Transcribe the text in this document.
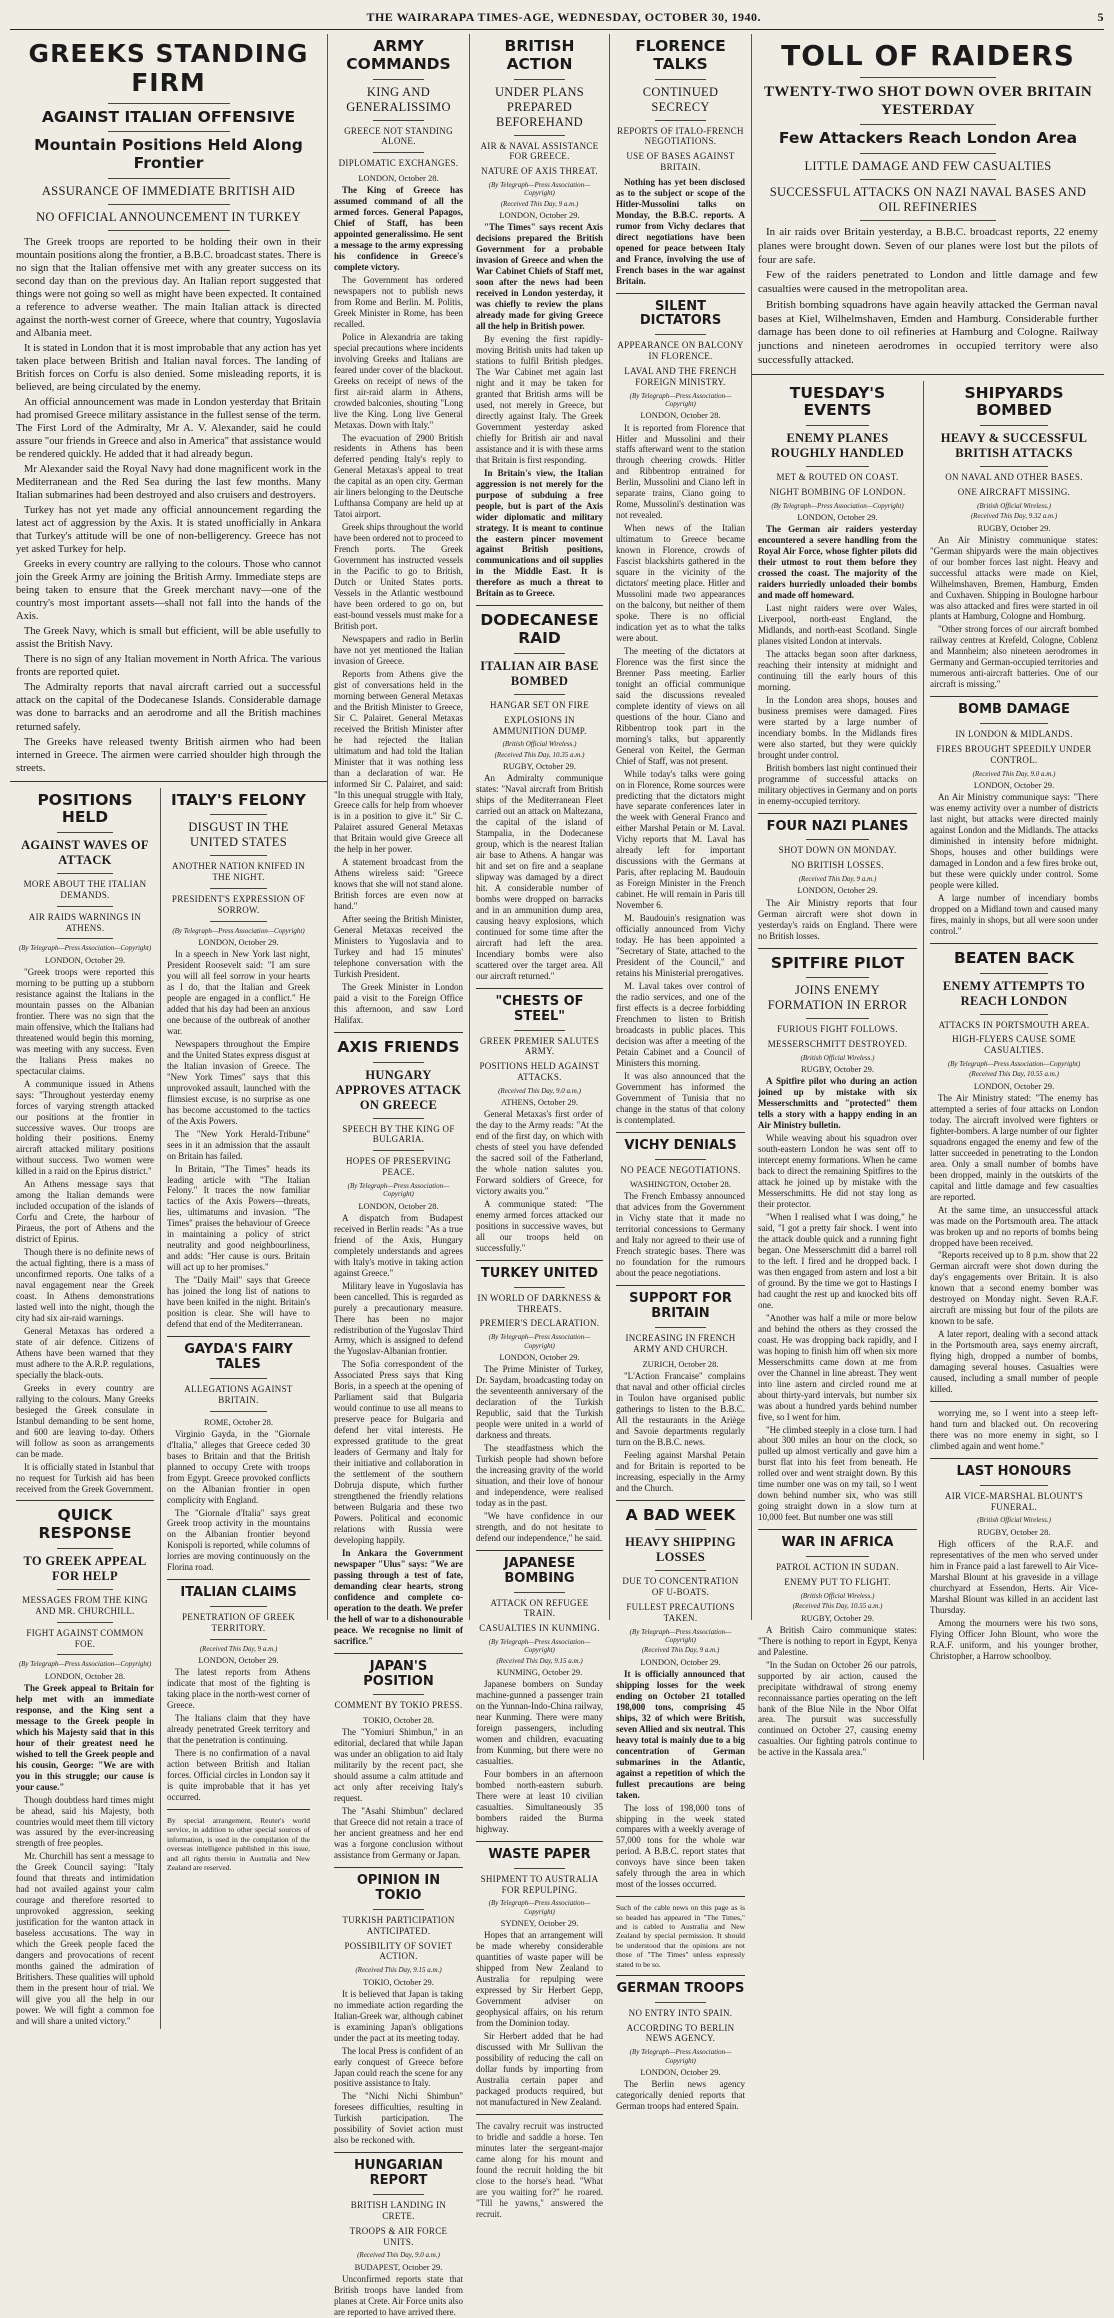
THE WAIRARAPA TIMES-AGE, WEDNESDAY, OCTOBER 30, 1940.	5
GREEKS STANDING FIRM
AGAINST ITALIAN OFFENSIVE
Mountain Positions Held Along Frontier
ASSURANCE OF IMMEDIATE BRITISH AID
NO OFFICIAL ANNOUNCEMENT IN TURKEY

The Greek troops are reported to be holding their own in their mountain positions along the frontier, a B.B.C. broadcast states. There is no sign that the Italian offensive met with any greater success on its second day than on the previous day. An Italian report suggested that things were not going so well as might have been expected. It contained a reference to adverse weather. The main Italian attack is directed against the north-west corner of Greece, where that country, Yugoslavia and Albania meet.

It is stated in London that it is most improbable that any action has yet taken place between British and Italian naval forces. The landing of British forces on Corfu is also denied. Some misleading reports, it is believed, are being circulated by the enemy.

An official announcement was made in London yesterday that Britain had promised Greece military assistance in the fullest sense of the term. The First Lord of the Admiralty, Mr A. V. Alexander, said he could assure "our friends in Greece and also in America" that assistance would be rendered quickly. He added that it had already begun.

Mr Alexander said the Royal Navy had done magnificent work in the Mediterranean and the Red Sea during the last few months. Many Italian submarines had been destroyed and also cruisers and destroyers.

Turkey has not yet made any official announcement regarding the latest act of aggression by the Axis. It is stated unofficially in Ankara that Turkey's attitude will be one of non-belligerency. Greece has not yet asked Turkey for help.

Greeks in every country are rallying to the colours. Those who cannot join the Greek Army are joining the British Army. Immediate steps are being taken to ensure that the Greek merchant navy—one of the country's most important assets—shall not fall into the hands of the Axis.

The Greek Navy, which is small but efficient, will be able usefully to assist the British Navy.

There is no sign of any Italian movement in North Africa. The various fronts are reported quiet.

The Admiralty reports that naval aircraft carried out a successful attack on the capital of the Dodecanese Islands. Considerable damage was done to barracks and an aerodrome and all the British machines returned safely.

The Greeks have released twenty British airmen who had been interned in Greece. The airmen were carried shoulder high through the streets.

POSITIONS HELD
AGAINST WAVES OF ATTACK
MORE ABOUT THE ITALIAN DEMANDS.
AIR RAIDS WARNINGS IN ATHENS.
(By Telegraph—Press Association—Copyright)
LONDON, October 29.

"Greek troops were reported this morning to be putting up a stubborn resistance against the Italians in the mountain passes on the Albanian frontier. There was no sign that the main offensive, which the Italians had threatened would begin this morning, was meeting with any success. Even the Italians Press makes no spectacular claims.

A communique issued in Athens says: "Throughout yesterday enemy forces of varying strength attacked our positions at the frontier in successive waves. Our troops are holding their positions. Enemy aircraft attacked military positions without success. Two women were killed in a raid on the Epirus district."

An Athens message says that among the Italian demands were included occupation of the islands of Corfu and Crete, the harbour of Piraeus, the port of Athens and the district of Epirus.

Though there is no definite news of the actual fighting, there is a mass of unconfirmed reports. One talks of a naval engagement near the Greek coast. In Athens demonstrations lasted well into the night, though the city had six air-raid warnings.

General Metaxas has ordered a state of air defence. Citizens of Athens have been warned that they must adhere to the A.R.P. regulations, specially the black-outs.

Greeks in every country are rallying to the colours. Many Greeks besieged the Greek consulate in Istanbul demanding to be sent home, and 600 are leaving to-day. Others will follow as soon as arrangements can be made.

It is officially stated in Istanbul that no request for Turkish aid has been received from the Greek Government.

QUICK RESPONSE
TO GREEK APPEAL FOR HELP
MESSAGES FROM THE KING AND MR. CHURCHILL.
FIGHT AGAINST COMMON FOE.
(By Telegraph—Press Association—Copyright)
LONDON, October 28.

The Greek appeal to Britain for help met with an immediate response, and the King sent a message to the Greek people in which his Majesty said that in this hour of their greatest need he wished to tell the Greek people and his cousin, George: "We are with you in this struggle; our cause is your cause."

Though doubtless hard times might be ahead, said his Majesty, both countries would meet them till victory was assured by the ever-increasing strength of free peoples.

Mr. Churchill has sent a message to the Greek Council saying: "Italy found that threats and intimidation had not availed against your calm courage and therefore resorted to unprovoked aggression, seeking justification for the wanton attack in baseless accusations. The way in which the Greek people faced the dangers and provocations of recent months gained the admiration of Britishers. These qualities will uphold them in the present hour of trial. We will give you all the help in our power. We will fight a common foe and will share a united victory."

ITALY'S FELONY
DISGUST IN THE UNITED STATES
ANOTHER NATION KNIFED IN THE NIGHT.
PRESIDENT'S EXPRESSION OF SORROW.
(By Telegraph—Press Association—Copyright)
LONDON, October 29.

In a speech in New York last night, President Roosevelt said: "I am sure you will all feel sorrow in your hearts as I do, that the Italian and Greek people are engaged in a conflict." He added that his day had been an anxious one because of the outbreak of another war.

Newspapers throughout the Empire and the United States express disgust at the Italian invasion of Greece. The "New York Times" says that this unprovoked assault, launched with the flimsiest excuse, is no surprise as one has become accustomed to the tactics of the Axis Powers.

The "New York Herald-Tribune" sees in it an admission that the assault on Britain has failed.

In Britain, "The Times" heads its leading article with "The Italian Felony." It traces the now familiar tactics of the Axis Powers—threats, lies, ultimatums and invasion. "The Times" praises the behaviour of Greece in maintaining a policy of strict neutrality and good neighbourliness, and adds: "Her cause is ours. Britain will act up to her promises."

The "Daily Mail" says that Greece has joined the long list of nations to have been knifed in the night. Britain's position is clear. She will have to defend that end of the Mediterranean.

GAYDA'S FAIRY TALES
ALLEGATIONS AGAINST BRITAIN.
ROME, October 28.

Virginio Gayda, in the "Giornale d'Italia," alleges that Greece ceded 30 bases to Britain and that the British planned to occupy Crete with troops from Egypt. Greece provoked conflicts on the Albanian frontier in open complicity with England.

The "Giornale d'Italia" says great Greek troop activity in the mountains on the Albanian frontier beyond Konispoli is reported, while columns of lorries are moving continuously on the Florina road.

ITALIAN CLAIMS
PENETRATION OF GREEK TERRITORY.
(Received This Day, 9 a.m.)
LONDON, October 29.

The latest reports from Athens indicate that most of the fighting is taking place in the north-west corner of Greece.

The Italians claim that they have already penetrated Greek territory and that the penetration is continuing.

There is no confirmation of a naval action between British and Italian forces. Official circles in London say it is quite improbable that it has yet occurred.

By special arrangement, Reuter's world service, in addition to other special sources of information, is used in the compilation of the overseas intelligence published in this issue, and all rights therein in Australia and New Zealand are reserved.

ARMY COMMANDS
KING AND GENERALISSIMO
GREECE NOT STANDING ALONE.
DIPLOMATIC EXCHANGES.
LONDON, October 28.

The King of Greece has assumed command of all the armed forces. General Papagos, Chief of Staff, has been appointed generalissimo. He sent a message to the army expressing his confidence in Greece's complete victory.

The Government has ordered newspapers not to publish news from Rome and Berlin. M. Politis, Greek Minister in Rome, has been recalled.

Police in Alexandria are taking special precautions where incidents involving Greeks and Italians are feared under cover of the blackout. Greeks on receipt of news of the first air-raid alarm in Athens, crowded balconies, shouting "Long live the King. Long live General Metaxas. Down with Italy."

The evacuation of 2900 British residents in Athens has been deferred pending Italy's reply to General Metaxas's appeal to treat the capital as an open city. German air liners belonging to the Deutsche Lufthansa Company are held up at Tatoi airport.

Greek ships throughout the world have been ordered not to proceed to French ports. The Greek Government has instructed vessels in the Pacific to go to British, Dutch or United States ports. Vessels in the Atlantic westbound have been ordered to go on, but east-bound vessels must make for a British port.

Newspapers and radio in Berlin have not yet mentioned the Italian invasion of Greece.

Reports from Athens give the gist of conversations held in the morning between General Metaxas and the British Minister to Greece, Sir C. Palairet. General Metaxas received the British Minister after he had rejected the Italian ultimatum and had told the Italian Minister that it was nothing less than a declaration of war. He informed Sir C. Palairet, and said: "In this unequal struggle with Italy, Greece calls for help from whoever is in a position to give it." Sir C. Palairet assured General Metaxas that Britain would give Greece all the help in her power.

A statement broadcast from the Athens wireless said: "Greece knows that she will not stand alone. British forces are even now at hand."

After seeing the British Minister, General Metaxas received the Ministers to Yugoslavia and to Turkey and had 15 minutes' telephone conversation with the Turkish President.

The Greek Minister in London paid a visit to the Foreign Office this afternoon, and saw Lord Halifax.

AXIS FRIENDS
HUNGARY APPROVES ATTACK ON GREECE
SPEECH BY THE KING OF BULGARIA.
HOPES OF PRESERVING PEACE.
(By Telegraph—Press Association—Copyright)
LONDON, October 28.

A dispatch from Budapest received in Berlin reads: "As a true friend of the Axis, Hungary completely understands and agrees with Italy's motive in taking action against Greece."

Military leave in Yugoslavia has been cancelled. This is regarded as purely a precautionary measure. There has been no major redistribution of the Yugoslav Third Army, which is assigned to defend the Yugoslav-Albanian frontier.

The Sofia correspondent of the Associated Press says that King Boris, in a speech at the opening of Parliament said that Bulgaria would continue to use all means to preserve peace for Bulgaria and defend her vital interests. He expressed gratitude to the great leaders of Germany and Italy for their initiative and collaboration in the settlement of the southern Dobruja dispute, which further strengthened the friendly relations between Bulgaria and these two Powers. Political and economic relations with Russia were developing happily.

In Ankara the Government newspaper "Ulus" says: "We are passing through a test of fate, demanding clear hearts, strong confidence and complete co-operation to the death. We prefer the hell of war to a dishonourable peace. We recognise no limit of sacrifice."

JAPAN'S POSITION
COMMENT BY TOKIO PRESS.
TOKIO, October 28.

The "Yomiuri Shimbun," in an editorial, declared that while Japan was under an obligation to aid Italy militarily by the recent pact, she should assume a calm attitude and act only after receiving Italy's request.

The "Asahi Shimbun" declared that Greece did not retain a trace of her ancient greatness and her end was a forgone conclusion without assistance from Germany or Japan.

OPINION IN TOKIO
TURKISH PARTICIPATION ANTICIPATED.
POSSIBILITY OF SOVIET ACTION.
(Received This Day, 9.15 a.m.)
TOKIO, October 29.

It is believed that Japan is taking no immediate action regarding the Italian-Greek war, although cabinet is examining Japan's obligations under the pact at its meeting today.

The local Press is confident of an early conquest of Greece before Japan could reach the scene for any positive assistance to Italy.

The "Nichi Nichi Shimbun" foresees difficulties, resulting in Turkish participation. The possibility of Soviet action must also be reckoned with.

HUNGARIAN REPORT
BRITISH LANDING IN CRETE.
TROOPS & AIR FORCE UNITS.
(Received This Day, 9.0 a.m.)
BUDAPEST, October 29.

Unconfirmed reports state that British troops have landed from planes at Crete. Air Force units also are reported to have arrived there.

BRITISH ACTION
UNDER PLANS PREPARED BEFOREHAND
AIR & NAVAL ASSISTANCE FOR GREECE.
NATURE OF AXIS THREAT.
(By Telegraph—Press Association—Copyright)
(Received This Day, 9 a.m.)
LONDON, October 29.

"The Times" says recent Axis decisions prepared the British Government for a probable invasion of Greece and when the War Cabinet Chiefs of Staff met, soon after the news had been received in London yesterday, it was chiefly to review the plans already made for giving Greece all the help in British power.

By evening the first rapidly-moving British units had taken up stations to fulfil British pledges. The War Cabinet met again last night and it may be taken for granted that British arms will be used, not merely in Greece, but directly against Italy. The Greek Government yesterday asked chiefly for British air and naval assistance and it is with these arms that Britain is first responding.

In Britain's view, the Italian aggression is not merely for the purpose of subduing a free people, but is part of the Axis wider diplomatic and military strategy. It is meant to continue the eastern pincer movement against British positions, communications and oil supplies in the Middle East. It is therefore as much a threat to Britain as to Greece.

DODECANESE RAID
ITALIAN AIR BASE BOMBED
HANGAR SET ON FIRE
EXPLOSIONS IN AMMUNITION DUMP.
(British Official Wireless.)
(Received This Day, 10.35 a.m.)
RUGBY, October 29.

An Admiralty communique states: "Naval aircraft from British ships of the Mediterranean Fleet carried out an attack on Maltezana, the capital of the island of Stampalia, in the Dodecanese group, which is the nearest Italian air base to Athens. A hangar was hit and set on fire and a seaplane slipway was damaged by a direct hit. A considerable number of bombs were dropped on barracks and in an ammunition dump area, causing heavy explosions, which continued for some time after the aircraft had left the area. Incendiary bombs were also scattered over the target area. All our aircraft returned."

"CHESTS OF STEEL"
GREEK PREMIER SALUTES ARMY.
POSITIONS HELD AGAINST ATTACKS.
(Received This Day, 9.0 a.m.)
ATHENS, October 29.

General Metaxas's first order of the day to the Army reads: "At the end of the first day, on which with chests of steel you have defended the sacred soil of the Fatherland, the whole nation salutes you. Forward soldiers of Greece, for victory awaits you."

A communique stated: "The enemy armed forces attacked our positions in successive waves, but all our troops held on successfully."

TURKEY UNITED
IN WORLD OF DARKNESS & THREATS.
PREMIER'S DECLARATION.
(By Telegraph—Press Association—Copyright)
LONDON, October 29.

The Prime Minister of Turkey, Dr. Saydam, broadcasting today on the seventeenth anniversary of the declaration of the Turkish Republic, said that the Turkish people were united in a world of darkness and threats.

The steadfastness which the Turkish people had shown before the increasing gravity of the world situation, and their love of honour and independence, were realised today as in the past.

"We have confidence in our strength, and do not hesitate to defend our independence," he said.

JAPANESE BOMBING
ATTACK ON REFUGEE TRAIN.
CASUALTIES IN KUNMING.
(By Telegraph—Press Association—Copyright)
(Received This Day, 9.15 a.m.)
KUNMING, October 29.

Japanese bombers on Sunday machine-gunned a passenger train on the Yunnan-Indo-China railway, near Kunming. There were many foreign passengers, including women and children, evacuating from Kunming, but there were no casualties.

Four bombers in an afternoon bombed north-eastern suburb. There were at least 10 civilian casualties. Simultaneously 35 bombers raided the Burma highway.

WASTE PAPER
SHIPMENT TO AUSTRALIA FOR REPULPING.
(By Telegraph—Press Association—Copyright)
SYDNEY, October 29.

Hopes that an arrangement will be made whereby considerable quantities of waste paper will be shipped from New Zealand to Australia for repulping were expressed by Sir Herbert Gepp, Government adviser on geophysical affairs, on his return from the Dominion today.

Sir Herbert added that he had discussed with Mr Sullivan the possibility of reducing the call on dollar funds by importing from Australia certain paper and packaged products required, but not manufactured in New Zealand.

The cavalry recruit was instructed to bridle and saddle a horse. Ten minutes later the sergeant-major came along for his mount and found the recruit holding the bit close to the horse's head. "What are you waiting for?" he roared. "Till he yawns," answered the recruit.

FLORENCE TALKS
CONTINUED SECRECY
REPORTS OF ITALO-FRENCH NEGOTIATIONS.
USE OF BASES AGAINST BRITAIN.

Nothing has yet been disclosed as to the subject or scope of the Hitler-Mussolini talks on Monday, the B.B.C. reports. A rumor from Vichy declares that direct negotiations have been opened for peace between Italy and France, involving the use of French bases in the war against Britain.

SILENT DICTATORS
APPEARANCE ON BALCONY IN FLORENCE.
LAVAL AND THE FRENCH FOREIGN MINISTRY.
(By Telegraph—Press Association—Copyright)
LONDON, October 28.

It is reported from Florence that Hitler and Mussolini and their staffs afterward went to the station through cheering crowds. Hitler and Ribbentrop entrained for Berlin, Mussolini and Ciano left in separate trains, Ciano going to Rome, Mussolini's destination was not revealed.

When news of the Italian ultimatum to Greece became known in Florence, crowds of Fascist blackshirts gathered in the square in the vicinity of the dictators' meeting place. Hitler and Mussolini made two appearances on the balcony, but neither of them spoke. There is no official indication yet as to what the talks were about.

The meeting of the dictators at Florence was the first since the Brenner Pass meeting. Earlier tonight an official communique said the discussions revealed complete identity of views on all questions of the hour. Ciano and Ribbentrop took part in the morning's talks, but apparently General von Keitel, the German Chief of Staff, was not present.

While today's talks were going on in Florence, Rome sources were predicting that the dictators might have separate conferences later in the week with General Franco and either Marshal Petain or M. Laval. Vichy reports that M. Laval has already left for important discussions with the Germans at Paris, after replacing M. Baudouin as Foreign Minister in the French cabinet. He will remain in Paris till November 6.

M. Baudouin's resignation was officially announced from Vichy today. He has been appointed a "Secretary of State, attached to the President of the Council," and retains his Ministerial prerogatives.

M. Laval takes over control of the radio services, and one of the first effects is a decree forbidding Frenchmen to listen to British broadcasts in public places. This decision was after a meeting of the Petain Cabinet and a Council of Ministers this morning.

It was also announced that the Government has informed the Government of Tunisia that no change in the status of that colony is contemplated.

VICHY DENIALS
NO PEACE NEGOTIATIONS.
WASHINGTON, October 28.

The French Embassy announced that advices from the Government in Vichy state that it made no territorial concessions to Germany and Italy nor agreed to their use of French strategic bases. There was no foundation for the rumours about the peace negotiations.

SUPPORT FOR BRITAIN
INCREASING IN FRENCH ARMY AND CHURCH.
ZURICH, October 28.

"L'Action Francaise" complains that naval and other official circles in Toulon have organised public gatherings to listen to the B.B.C. All the restaurants in the Ariège and Savoie departments regularly turn on the B.B.C. news.

Feeling against Marshal Petain and for Britain is reported to be increasing, especially in the Army and the Church.

A BAD WEEK
HEAVY SHIPPING LOSSES
DUE TO CONCENTRATION OF U-BOATS.
FULLEST PRECAUTIONS TAKEN.
(By Telegraph—Press Association—Copyright)
(Received This Day, 9 a.m.)
LONDON, October 29.

It is officially announced that shipping losses for the week ending on October 21 totalled 198,000 tons, comprising 45 ships, 32 of which were British, seven Allied and six neutral. This heavy total is mainly due to a big concentration of German submarines in the Atlantic, against a repetition of which the fullest precautions are being taken.

The loss of 198,000 tons of shipping in the week stated compares with a weekly average of 57,000 tons for the whole war period. A B.B.C. report states that convoys have since been taken safely through the area in which most of the losses occurred.

Such of the cable news on this page as is so headed has appeared in "The Times," and is cabled to Australia and New Zealand by special permission. It should be understood that the opinions are not those of "The Times" unless expressly stated to be so.

GERMAN TROOPS
NO ENTRY INTO SPAIN.
ACCORDING TO BERLIN NEWS AGENCY.
(By Telegraph—Press Association—Copyright)
LONDON, October 29.

The Berlin news agency categorically denied reports that German troops had entered Spain.

TOLL OF RAIDERS
TWENTY-TWO SHOT DOWN OVER BRITAIN YESTERDAY
Few Attackers Reach London Area
LITTLE DAMAGE AND FEW CASUALTIES
SUCCESSFUL ATTACKS ON NAZI NAVAL BASES AND OIL REFINERIES

In air raids over Britain yesterday, a B.B.C. broadcast reports, 22 enemy planes were brought down. Seven of our planes were lost but the pilots of four are safe.

Few of the raiders penetrated to London and little damage and few casualties were caused in the metropolitan area.

British bombing squadrons have again heavily attacked the German naval bases at Kiel, Wilhelmshaven, Emden and Hamburg. Considerable further damage has been done to oil refineries at Hamburg and Cologne. Railway junctions and nineteen aerodromes in occupied territory were also successfully attacked.

TUESDAY'S EVENTS
ENEMY PLANES ROUGHLY HANDLED
MET & ROUTED ON COAST.
NIGHT BOMBING OF LONDON.
(By Telegraph—Press Association—Copyright)
LONDON, October 29.

The German air raiders yesterday encountered a severe handling from the Royal Air Force, whose fighter pilots did their utmost to rout them before they crossed the coast. The majority of the raiders hurriedly unloaded their bombs and made off homeward.

Last night raiders were over Wales, Liverpool, north-east England, the Midlands, and north-east Scotland. Single planes visited London at intervals.

The attacks began soon after darkness, reaching their intensity at midnight and continuing till the early hours of this morning.

In the London area shops, houses and business premises were damaged. Fires were started by a large number of incendiary bombs. In the Midlands fires were also started, but they were quickly brought under control.

British bombers last night continued their programme of successful attacks on military objectives in Germany and on ports in enemy-occupied territory.

FOUR NAZI PLANES
SHOT DOWN ON MONDAY.
NO BRITISH LOSSES.
(Received This Day, 9 a.m.)
LONDON, October 29.

The Air Ministry reports that four German aircraft were shot down in yesterday's raids on England. There were no British losses.

SPITFIRE PILOT
JOINS ENEMY FORMATION IN ERROR
FURIOUS FIGHT FOLLOWS.
MESSERSCHMITT DESTROYED.
(British Official Wireless.)
RUGBY, October 29.

A Spitfire pilot who during an action joined up by mistake with six Messerschmitts and "protected" them tells a story with a happy ending in an Air Ministry bulletin.

While weaving about his squadron over south-eastern London he was sent off to intercept enemy formations. When he came back to direct the remaining Spitfires to the attack he joined up by mistake with the Messerschmitts. He did not stay long as their protector.

"When I realised what I was doing," he said, "I got a pretty fair shock. I went into the attack double quick and a running fight began. One Messerschmitt did a barrel roll to the left. I fired and he dropped back. I was then engaged from astern and lost a bit of ground. By the time we got to Hastings I had caught the rest up and knocked bits off one.

"Another was half a mile or more below and behind the others as they crossed the coast. He was dropping back rapidly, and I was hoping to finish him off when six more Messerschmitts came down at me from over the Channel in line abreast. They went into line astern and circled round me at about thirty-yard intervals, but number six was about a hundred yards behind number five, so I went for him.

"He climbed steeply in a close turn. I had about 300 miles an hour on the clock, so pulled up almost vertically and gave him a burst flat into his feet from beneath. He rolled over and went straight down. By this time number one was on my tail, so I went down behind number six, who was still going straight down in a slow turn at 10,000 feet. But number one was still

WAR IN AFRICA
PATROL ACTION IN SUDAN.
ENEMY PUT TO FLIGHT.
(British Official Wireless.)
(Received This Day, 10.55 a.m.)
RUGBY, October 29.

A British Cairo communique states: "There is nothing to report in Egypt, Kenya and Palestine.

"In the Sudan on October 26 our patrols, supported by air action, caused the precipitate withdrawal of strong enemy reconnaissance parties operating on the left bank of the Blue Nile in the Nbor Olfat area. The pursuit was successfully continued on October 27, causing enemy casualties. Our fighting patrols continue to be active in the Kassala area."

SHIPYARDS BOMBED
HEAVY & SUCCESSFUL BRITISH ATTACKS
ON NAVAL AND OTHER BASES.
ONE AIRCRAFT MISSING.
(British Official Wireless.)
(Received This Day, 9.32 a.m.)
RUGBY, October 29.

An Air Ministry communique states: "German shipyards were the main objectives of our bomber forces last night. Heavy and successful attacks were made on Kiel, Wilhelmshaven, Bremen, Hamburg, Emden and Cuxhaven. Shipping in Boulogne harbour was also attacked and fires were started in oil plants at Hamburg, Cologne and Homburg.

"Other strong forces of our aircraft bombed railway centres at Krefeld, Cologne, Coblenz and Mannheim; also nineteen aerodromes in Germany and German-occupied territories and numerous anti-aircraft batteries. One of our aircraft is missing."

BOMB DAMAGE
IN LONDON & MIDLANDS.
FIRES BROUGHT SPEEDILY UNDER CONTROL.
(Received This Day, 9.0 a.m.)
LONDON, October 29.

An Air Ministry communique says: "There was enemy activity over a number of districts last night, but attacks were directed mainly against London and the Midlands. The attacks diminished in intensity before midnight. Shops, houses and other buildings were damaged in London and a few fires broke out, but these were quickly under control. Some people were killed.

A large number of incendiary bombs dropped on a Midland town and caused many fires, mainly in shops, but all were soon under control."

BEATEN BACK
ENEMY ATTEMPTS TO REACH LONDON
ATTACKS IN PORTSMOUTH AREA.
HIGH-FLYERS CAUSE SOME CASUALTIES.
(By Telegraph—Press Association—Copyright)
(Received This Day, 10.55 a.m.)
LONDON, October 29.

The Air Ministry stated: "The enemy has attempted a series of four attacks on London today. The aircraft involved were fighters or fighter-bombers. A large number of our fighter squadrons engaged the enemy and few of the latter succeeded in penetrating to the London area. Only a small number of bombs have been dropped, mainly in the outskirts of the capital and little damage and few casualties are reported.

At the same time, an unsuccessful attack was made on the Portsmouth area. The attack was broken up and no reports of bombs being dropped have been received.

"Reports received up to 8 p.m. show that 22 German aircraft were shot down during the day's engagements over Britain. It is also known that a second enemy bomber was destroyed on Monday night. Seven R.A.F. aircraft are missing but four of the pilots are known to be safe.

A later report, dealing with a second attack in the Portsmouth area, says enemy aircraft, flying high, dropped a number of bombs, damaging several houses. Casualties were caused, including a small number of people killed.

worrying me, so I went into a steep left-hand turn and blacked out. On recovering there was no more enemy in sight, so I climbed again and went home."

LAST HONOURS
AIR VICE-MARSHAL BLOUNT'S FUNERAL.
(British Official Wireless.)
RUGBY, October 28.

High officers of the R.A.F. and representatives of the men who served under him in France paid a last farewell to Air Vice-Marshal Blount at his graveside in a village churchyard at Essendon, Herts. Air Vice-Marshal Blount was killed in an accident last Thursday.

Among the mourners were his two sons, Flying Officer John Blount, who wore the R.A.F. uniform, and his younger brother, Christopher, a Harrow schoolboy.
